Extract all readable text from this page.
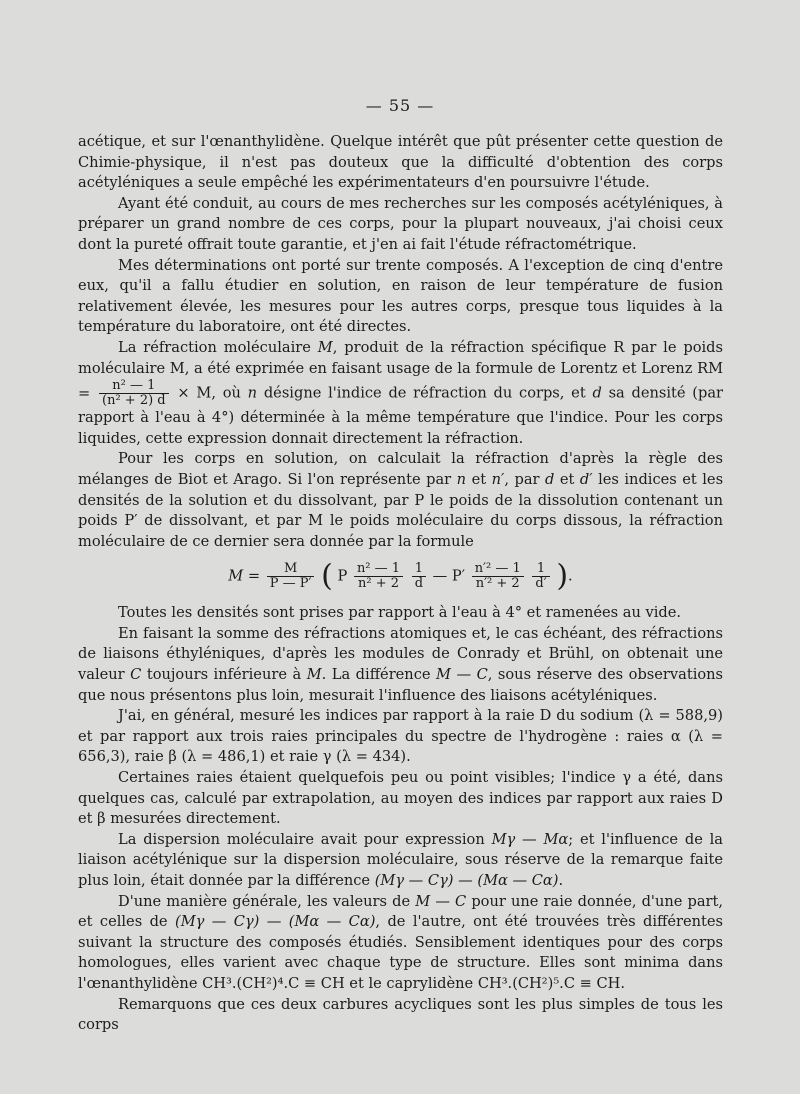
— 55 —

acétique, et sur l'œnanthylidène. Quelque intérêt que pût présenter cette question de Chimie-physique, il n'est pas douteux que la difficulté d'obtention des corps acétyléniques a seule empêché les expérimentateurs d'en poursuivre l'étude.

Ayant été conduit, au cours de mes recherches sur les composés acétyléniques, à préparer un grand nombre de ces corps, pour la plupart nouveaux, j'ai choisi ceux dont la pureté offrait toute garantie, et j'en ai fait l'étude réfractométrique.

Mes déterminations ont porté sur trente composés. A l'exception de cinq d'entre eux, qu'il a fallu étudier en solution, en raison de leur température de fusion relativement élevée, les mesures pour les autres corps, presque tous liquides à la température du laboratoire, ont été directes.

La réfraction moléculaire M, produit de la réfraction spécifique R par le poids moléculaire M, a été exprimée en faisant usage de la formule de Lorentz et Lorenz RM = $\frac{\text{n² — 1}}{\text{(n² + 2) d}} \times M$, où n désigne l'indice de réfraction du corps, et d sa densité (par rapport à l'eau à 4°) déterminée à la même température que l'indice. Pour les corps liquides, cette expression donnait directement la réfraction.

Pour les corps en solution, on calculait la réfraction d'après la règle des mélanges de Biot et Arago. Si l'on représente par n et n′, par d et d′ les indices et les densités de la solution et du dissolvant, par P le poids de la dissolution contenant un poids P′ de dissolvant, et par M le poids moléculaire du corps dissous, la réfraction moléculaire de ce dernier sera donnée par la formule

$M = \frac{M}{P — P'}$ ( P $\frac{\text{n² — 1}}{\text{n² + 2}}$
$\frac{1}{d}$ — $P' \frac{\text{n′² — 1}}{\text{n′² + 2}}$
$\frac{1}{d'}$ ).

Toutes les densités sont prises par rapport à l'eau à 4° et ramenées au vide.

En faisant la somme des réfractions atomiques et, le cas échéant, des réfractions de liaisons éthyléniques, d'après les modules de Conrady et Brühl, on obtenait une valeur C toujours inférieure à M. La différence M — C, sous réserve des observations que nous présentons plus loin, mesurait l'influence des liaisons acétyléniques.

J'ai, en général, mesuré les indices par rapport à la raie D du sodium (λ = 588,9) et par rapport aux trois raies principales du spectre de l'hydrogène : raies α (λ = 656,3), raie β (λ = 486,1) et raie γ (λ = 434).

Certaines raies étaient quelquefois peu ou point visibles; l'indice γ a été, dans quelques cas, calculé par extrapolation, au moyen des indices par rapport aux raies D et β mesurées directement.

La dispersion moléculaire avait pour expression Mγ — Mα; et l'influence de la liaison acétylénique sur la dispersion moléculaire, sous réserve de la remarque faite plus loin, était donnée par la différence (Mγ — Cγ) — (Mα — Cα).

D'une manière générale, les valeurs de M — C pour une raie donnée, d'une part, et celles de (Mγ — Cγ) — (Mα — Cα), de l'autre, ont été trouvées très différentes suivant la structure des composés étudiés. Sensiblement identiques pour des corps homologues, elles varient avec chaque type de structure. Elles sont minima dans l'œnanthylidène CH³.(CH²)⁴.C ≡ CH et le caprylidène CH³.(CH²)⁵.C ≡ CH.

Remarquons que ces deux carbures acycliques sont les plus simples de tous les corps
